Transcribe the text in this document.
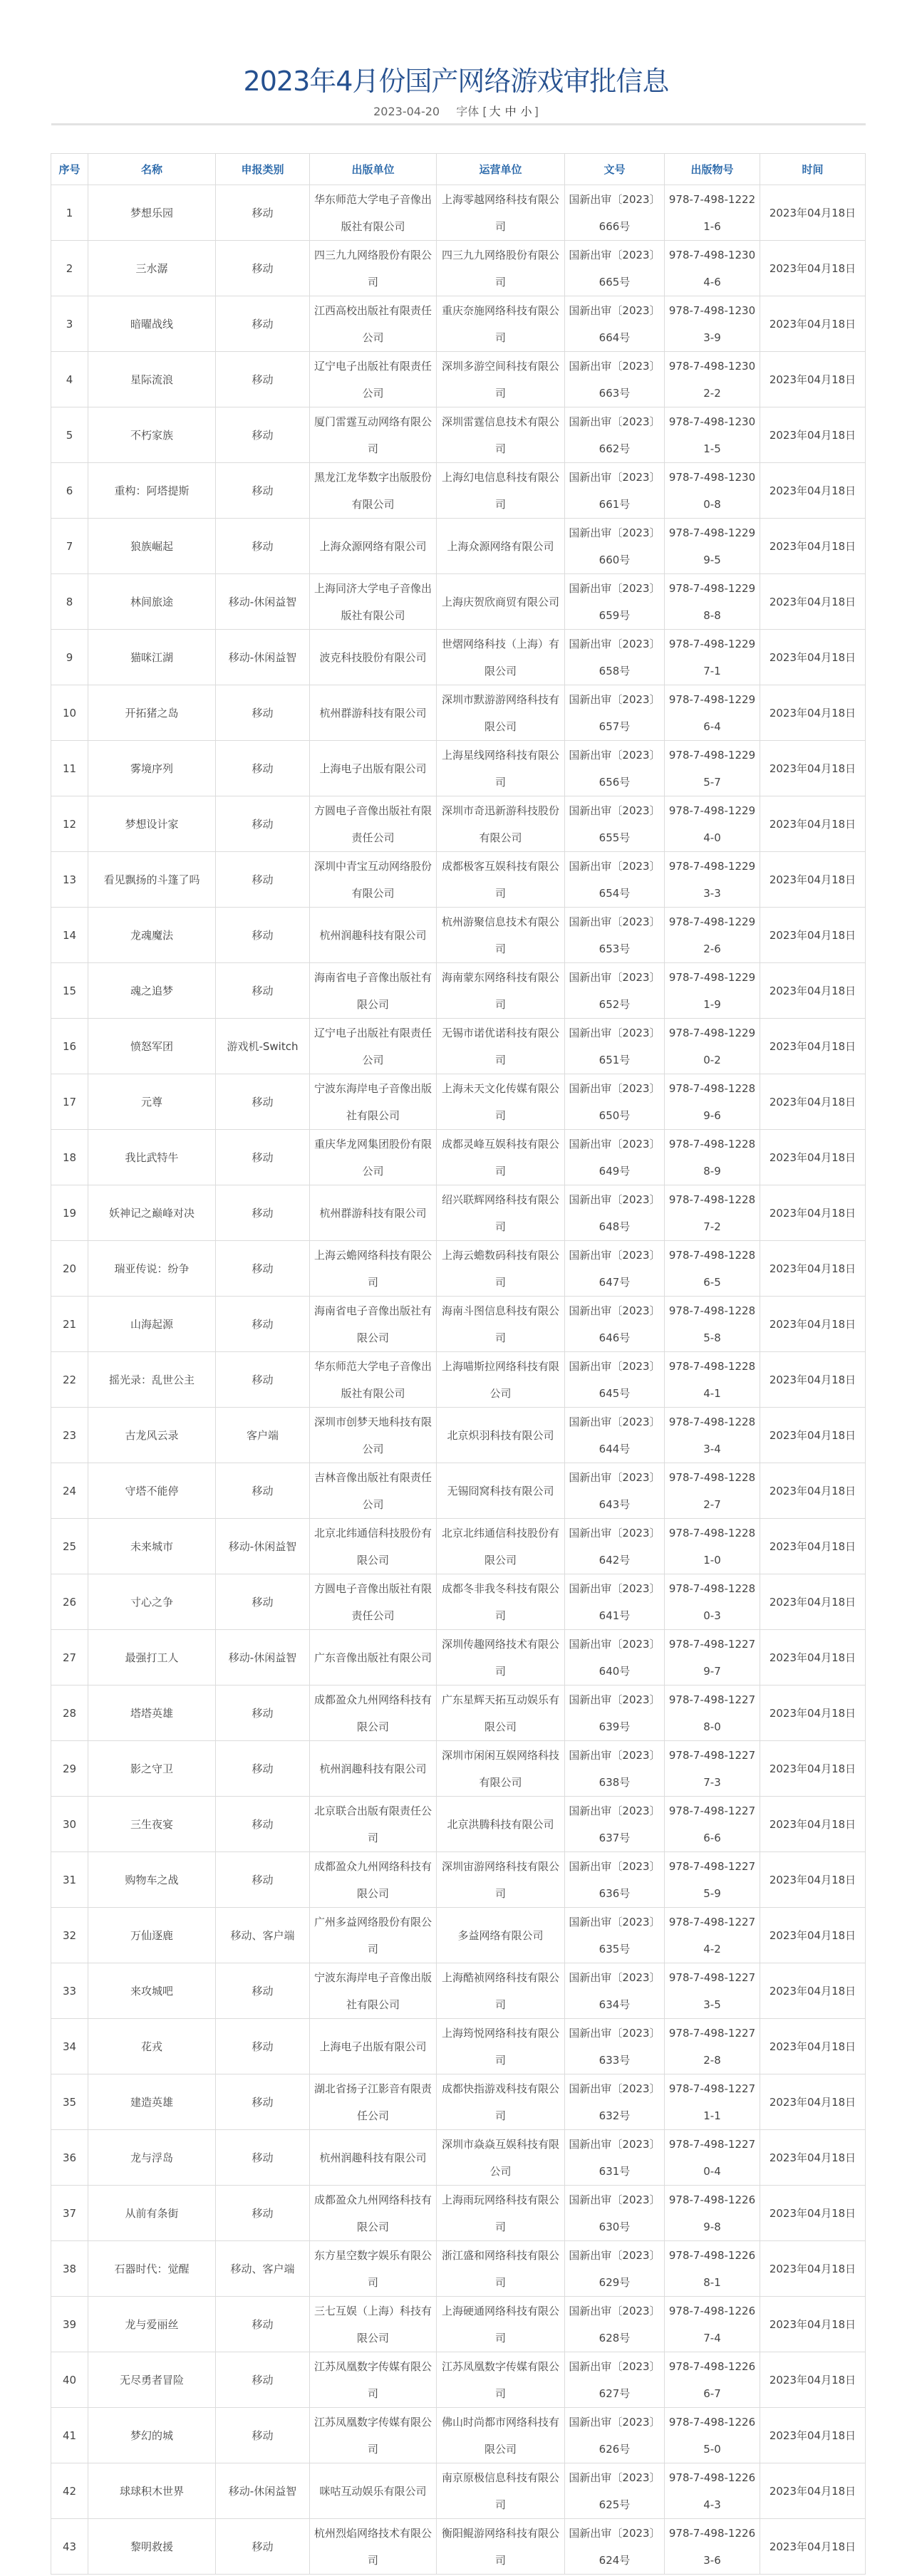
2023年4月份国产网络游戏审批信息
2023-04-20 字体 [ 大 中 小 ]
序号	名称	申报类别	出版单位	运营单位	文号	出版物号	时间
1	梦想乐园	移动	华东师范大学电子音像出版社有限公司	上海零越网络科技有限公司	国新出审〔2023〕666号	978-7-498-12221-6	2023年04月18日
2	三水潺	移动	四三九九网络股份有限公司	四三九九网络股份有限公司	国新出审〔2023〕665号	978-7-498-12304-6	2023年04月18日
3	暗曜战线	移动	江西高校出版社有限责任公司	重庆奈施网络科技有限公司	国新出审〔2023〕664号	978-7-498-12303-9	2023年04月18日
4	星际流浪	移动	辽宁电子出版社有限责任公司	深圳多游空间科技有限公司	国新出审〔2023〕663号	978-7-498-12302-2	2023年04月18日
5	不朽家族	移动	厦门雷霆互动网络有限公司	深圳雷霆信息技术有限公司	国新出审〔2023〕662号	978-7-498-12301-5	2023年04月18日
6	重构：阿塔提斯	移动	黑龙江龙华数字出版股份有限公司	上海幻电信息科技有限公司	国新出审〔2023〕661号	978-7-498-12300-8	2023年04月18日
7	狼族崛起	移动	上海众源网络有限公司	上海众源网络有限公司	国新出审〔2023〕660号	978-7-498-12299-5	2023年04月18日
8	林间旅途	移动-休闲益智	上海同济大学电子音像出版社有限公司	上海庆贺欣商贸有限公司	国新出审〔2023〕659号	978-7-498-12298-8	2023年04月18日
9	猫咪江湖	移动-休闲益智	波克科技股份有限公司	世熠网络科技（上海）有限公司	国新出审〔2023〕658号	978-7-498-12297-1	2023年04月18日
10	开拓猪之岛	移动	杭州群游科技有限公司	深圳市默游游网络科技有限公司	国新出审〔2023〕657号	978-7-498-12296-4	2023年04月18日
11	雾境序列	移动	上海电子出版有限公司	上海星线网络科技有限公司	国新出审〔2023〕656号	978-7-498-12295-7	2023年04月18日
12	梦想设计家	移动	方圆电子音像出版社有限责任公司	深圳市奇迅新游科技股份有限公司	国新出审〔2023〕655号	978-7-498-12294-0	2023年04月18日
13	看见飘扬的斗篷了吗	移动	深圳中青宝互动网络股份有限公司	成都极客互娱科技有限公司	国新出审〔2023〕654号	978-7-498-12293-3	2023年04月18日
14	龙魂魔法	移动	杭州润趣科技有限公司	杭州游聚信息技术有限公司	国新出审〔2023〕653号	978-7-498-12292-6	2023年04月18日
15	魂之追梦	移动	海南省电子音像出版社有限公司	海南蒙东网络科技有限公司	国新出审〔2023〕652号	978-7-498-12291-9	2023年04月18日
16	愤怒军团	游戏机-Switch	辽宁电子出版社有限责任公司	无锡市诺优诺科技有限公司	国新出审〔2023〕651号	978-7-498-12290-2	2023年04月18日
17	元尊	移动	宁波东海岸电子音像出版社有限公司	上海未天文化传媒有限公司	国新出审〔2023〕650号	978-7-498-12289-6	2023年04月18日
18	我比武特牛	移动	重庆华龙网集团股份有限公司	成都灵峰互娱科技有限公司	国新出审〔2023〕649号	978-7-498-12288-9	2023年04月18日
19	妖神记之巅峰对决	移动	杭州群游科技有限公司	绍兴联辉网络科技有限公司	国新出审〔2023〕648号	978-7-498-12287-2	2023年04月18日
20	瑞亚传说：纷争	移动	上海云蟾网络科技有限公司	上海云蟾数码科技有限公司	国新出审〔2023〕647号	978-7-498-12286-5	2023年04月18日
21	山海起源	移动	海南省电子音像出版社有限公司	海南斗图信息科技有限公司	国新出审〔2023〕646号	978-7-498-12285-8	2023年04月18日
22	摇光录：乱世公主	移动	华东师范大学电子音像出版社有限公司	上海喵斯拉网络科技有限公司	国新出审〔2023〕645号	978-7-498-12284-1	2023年04月18日
23	古龙风云录	客户端	深圳市创梦天地科技有限公司	北京炽羽科技有限公司	国新出审〔2023〕644号	978-7-498-12283-4	2023年04月18日
24	守塔不能停	移动	吉林音像出版社有限责任公司	无锡冏窝科技有限公司	国新出审〔2023〕643号	978-7-498-12282-7	2023年04月18日
25	未来城市	移动-休闲益智	北京北纬通信科技股份有限公司	北京北纬通信科技股份有限公司	国新出审〔2023〕642号	978-7-498-12281-0	2023年04月18日
26	寸心之争	移动	方圆电子音像出版社有限责任公司	成都冬非我冬科技有限公司	国新出审〔2023〕641号	978-7-498-12280-3	2023年04月18日
27	最强打工人	移动-休闲益智	广东音像出版社有限公司	深圳传趣网络技术有限公司	国新出审〔2023〕640号	978-7-498-12279-7	2023年04月18日
28	塔塔英雄	移动	成都盈众九州网络科技有限公司	广东星辉天拓互动娱乐有限公司	国新出审〔2023〕639号	978-7-498-12278-0	2023年04月18日
29	影之守卫	移动	杭州润趣科技有限公司	深圳市闲闲互娱网络科技有限公司	国新出审〔2023〕638号	978-7-498-12277-3	2023年04月18日
30	三生夜宴	移动	北京联合出版有限责任公司	北京洪腾科技有限公司	国新出审〔2023〕637号	978-7-498-12276-6	2023年04月18日
31	购物车之战	移动	成都盈众九州网络科技有限公司	深圳宙游网络科技有限公司	国新出审〔2023〕636号	978-7-498-12275-9	2023年04月18日
32	万仙逐鹿	移动、客户端	广州多益网络股份有限公司	多益网络有限公司	国新出审〔2023〕635号	978-7-498-12274-2	2023年04月18日
33	来攻城吧	移动	宁波东海岸电子音像出版社有限公司	上海酷祯网络科技有限公司	国新出审〔2023〕634号	978-7-498-12273-5	2023年04月18日
34	花戎	移动	上海电子出版有限公司	上海筠悦网络科技有限公司	国新出审〔2023〕633号	978-7-498-12272-8	2023年04月18日
35	建造英雄	移动	湖北省扬子江影音有限责任公司	成都快指游戏科技有限公司	国新出审〔2023〕632号	978-7-498-12271-1	2023年04月18日
36	龙与浮岛	移动	杭州润趣科技有限公司	深圳市焱焱互娱科技有限公司	国新出审〔2023〕631号	978-7-498-12270-4	2023年04月18日
37	从前有条街	移动	成都盈众九州网络科技有限公司	上海雨玩网络科技有限公司	国新出审〔2023〕630号	978-7-498-12269-8	2023年04月18日
38	石器时代：觉醒	移动、客户端	东方星空数字娱乐有限公司	浙江盛和网络科技有限公司	国新出审〔2023〕629号	978-7-498-12268-1	2023年04月18日
39	龙与爱丽丝	移动	三七互娱（上海）科技有限公司	上海硬通网络科技有限公司	国新出审〔2023〕628号	978-7-498-12267-4	2023年04月18日
40	无尽勇者冒险	移动	江苏凤凰数字传媒有限公司	江苏凤凰数字传媒有限公司	国新出审〔2023〕627号	978-7-498-12266-7	2023年04月18日
41	梦幻的城	移动	江苏凤凰数字传媒有限公司	佛山时尚都市网络科技有限公司	国新出审〔2023〕626号	978-7-498-12265-0	2023年04月18日
42	球球积木世界	移动-休闲益智	咪咕互动娱乐有限公司	南京原极信息科技有限公司	国新出审〔2023〕625号	978-7-498-12264-3	2023年04月18日
43	黎明救援	移动	杭州烈焰网络技术有限公司	衡阳鲲游网络科技有限公司	国新出审〔2023〕624号	978-7-498-12263-6	2023年04月18日
